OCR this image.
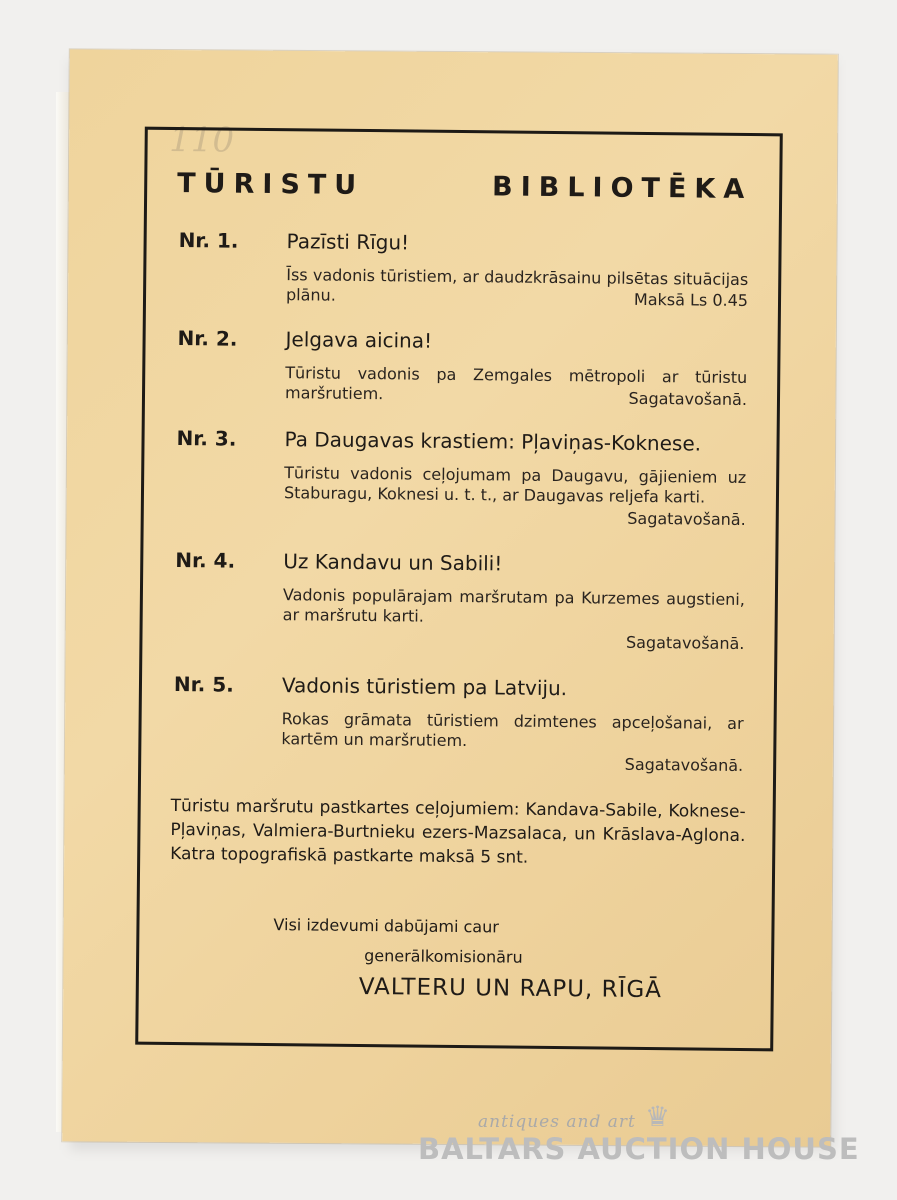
110
TŪRISTU	BIBLIOTĒKA
Nr. 1. Pazīsti Rīgu!
Īss vadonis tūristiem, ar daudzkrāsainu pilsētas situācijas plānu.	Maksā Ls 0.45
Nr. 2. Jelgava aicina!
Tūristu vadonis pa Zemgales mētropoli ar tūristu maršrutiem.	Sagatavošanā.
Nr. 3. Pa Daugavas krastiem: Pļaviņas-Koknese.
Tūristu vadonis ceļojumam pa Daugavu, gājieniem uz Staburagu, Koknesi u. t. t., ar Daugavas reljefa karti.
Sagatavošanā.
Nr. 4. Uz Kandavu un Sabili!
Vadonis populārajam maršrutam pa Kurzemes augstieni, ar maršrutu karti.
Sagatavošanā.
Nr. 5. Vadonis tūristiem pa Latviju.
Rokas grāmata tūristiem dzimtenes apceļošanai, ar kartēm un maršrutiem.
Sagatavošanā.
Tūristu maršrutu pastkartes ceļojumiem: Kandava-Sabile, Koknese-Pļaviņas, Valmiera-Burtnieku ezers-Mazsalaca, un Krāslava-Aglona. Katra topografiskā pastkarte maksā 5 snt.
Visi izdevumi dabūjami caur
generālkomisionāru
VALTERU UN RAPU, RĪGĀ
antiques and art ♛
BALTARS AUCTION HOUSE
